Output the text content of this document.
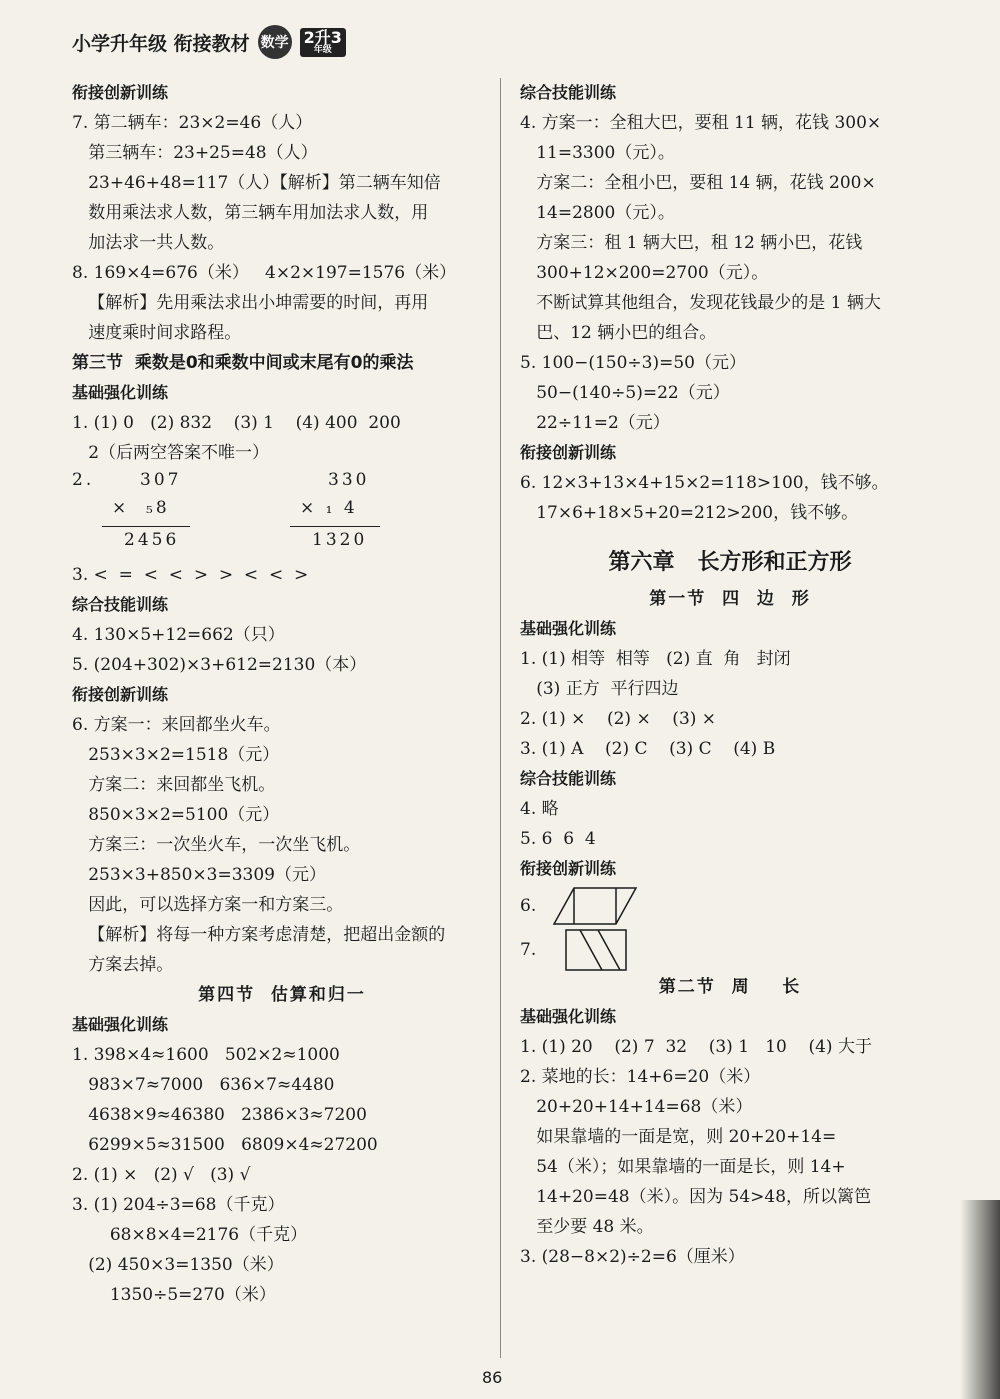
小学升年级 衔接教材 数学 2升3
年级
衔接创新训练
7. 第二辆车：23×2=46（人）
第三辆车：23+25=48（人）
23+46+48=117（人）【解析】第二辆车知倍
数用乘法求人数，第三辆车用加法求人数，用
加法求一共人数。
8. 169×4=676（米）   4×2×197=1576（米）
【解析】先用乘法求出小坤需要的时间，再用
速度乘时间求路程。
第三节  乘数是0和乘数中间或末尾有0的乘法
基础强化训练
1. (1) 0   (2) 832    (3) 1    (4) 400  200
2（后两空答案不唯一）
2.	307
×  ₅8
2456
330
× ₁ 4
1320
3. <  =  <  <  >  >  <  <  >
综合技能训练
4. 130×5+12=662（只）
5. (204+302)×3+612=2130（本）
衔接创新训练
6. 方案一：来回都坐火车。
253×3×2=1518（元）
方案二：来回都坐飞机。
850×3×2=5100（元）
方案三：一次坐火车，一次坐飞机。
253×3+850×3=3309（元）
因此，可以选择方案一和方案三。
【解析】将每一种方案考虑清楚，把超出金额的
方案去掉。
第四节  估算和归一
基础强化训练
1. 398×4≈1600   502×2≈1000
983×7≈7000   636×7≈4480
4638×9≈46380   2386×3≈7200
6299×5≈31500   6809×4≈27200
2. (1) ×   (2) √   (3) √
3. (1) 204÷3=68（千克）
68×8×4=2176（千克）
(2) 450×3=1350（米）
1350÷5=270（米）
综合技能训练
4. 方案一：全租大巴，要租 11 辆，花钱 300×
11=3300（元）。
方案二：全租小巴，要租 14 辆，花钱 200×
14=2800（元）。
方案三：租 1 辆大巴，租 12 辆小巴，花钱
300+12×200=2700（元）。
不断试算其他组合，发现花钱最少的是 1 辆大
巴、12 辆小巴的组合。
5. 100−(150÷3)=50（元）
50−(140÷5)=22（元）
22÷11=2（元）
衔接创新训练
6. 12×3+13×4+15×2=118>100，钱不够。
17×6+18×5+20=212>200，钱不够。
第六章   长方形和正方形
第一节  四  边  形
基础强化训练
1. (1) 相等  相等   (2) 直  角   封闭
(3) 正方  平行四边
2. (1) ×    (2) ×    (3) ×
3. (1) A    (2) C    (3) C    (4) B
综合技能训练
4. 略
5. 6  6  4
衔接创新训练
6.
7.
第二节  周    长
基础强化训练
1. (1) 20    (2) 7  32    (3) 1   10    (4) 大于
2. 菜地的长：14+6=20（米）
20+20+14+14=68（米）
如果靠墙的一面是宽，则 20+20+14=
54（米）；如果靠墙的一面是长，则 14+
14+20=48（米）。因为 54>48，所以篱笆
至少要 48 米。
3. (28−8×2)÷2=6（厘米）
86
